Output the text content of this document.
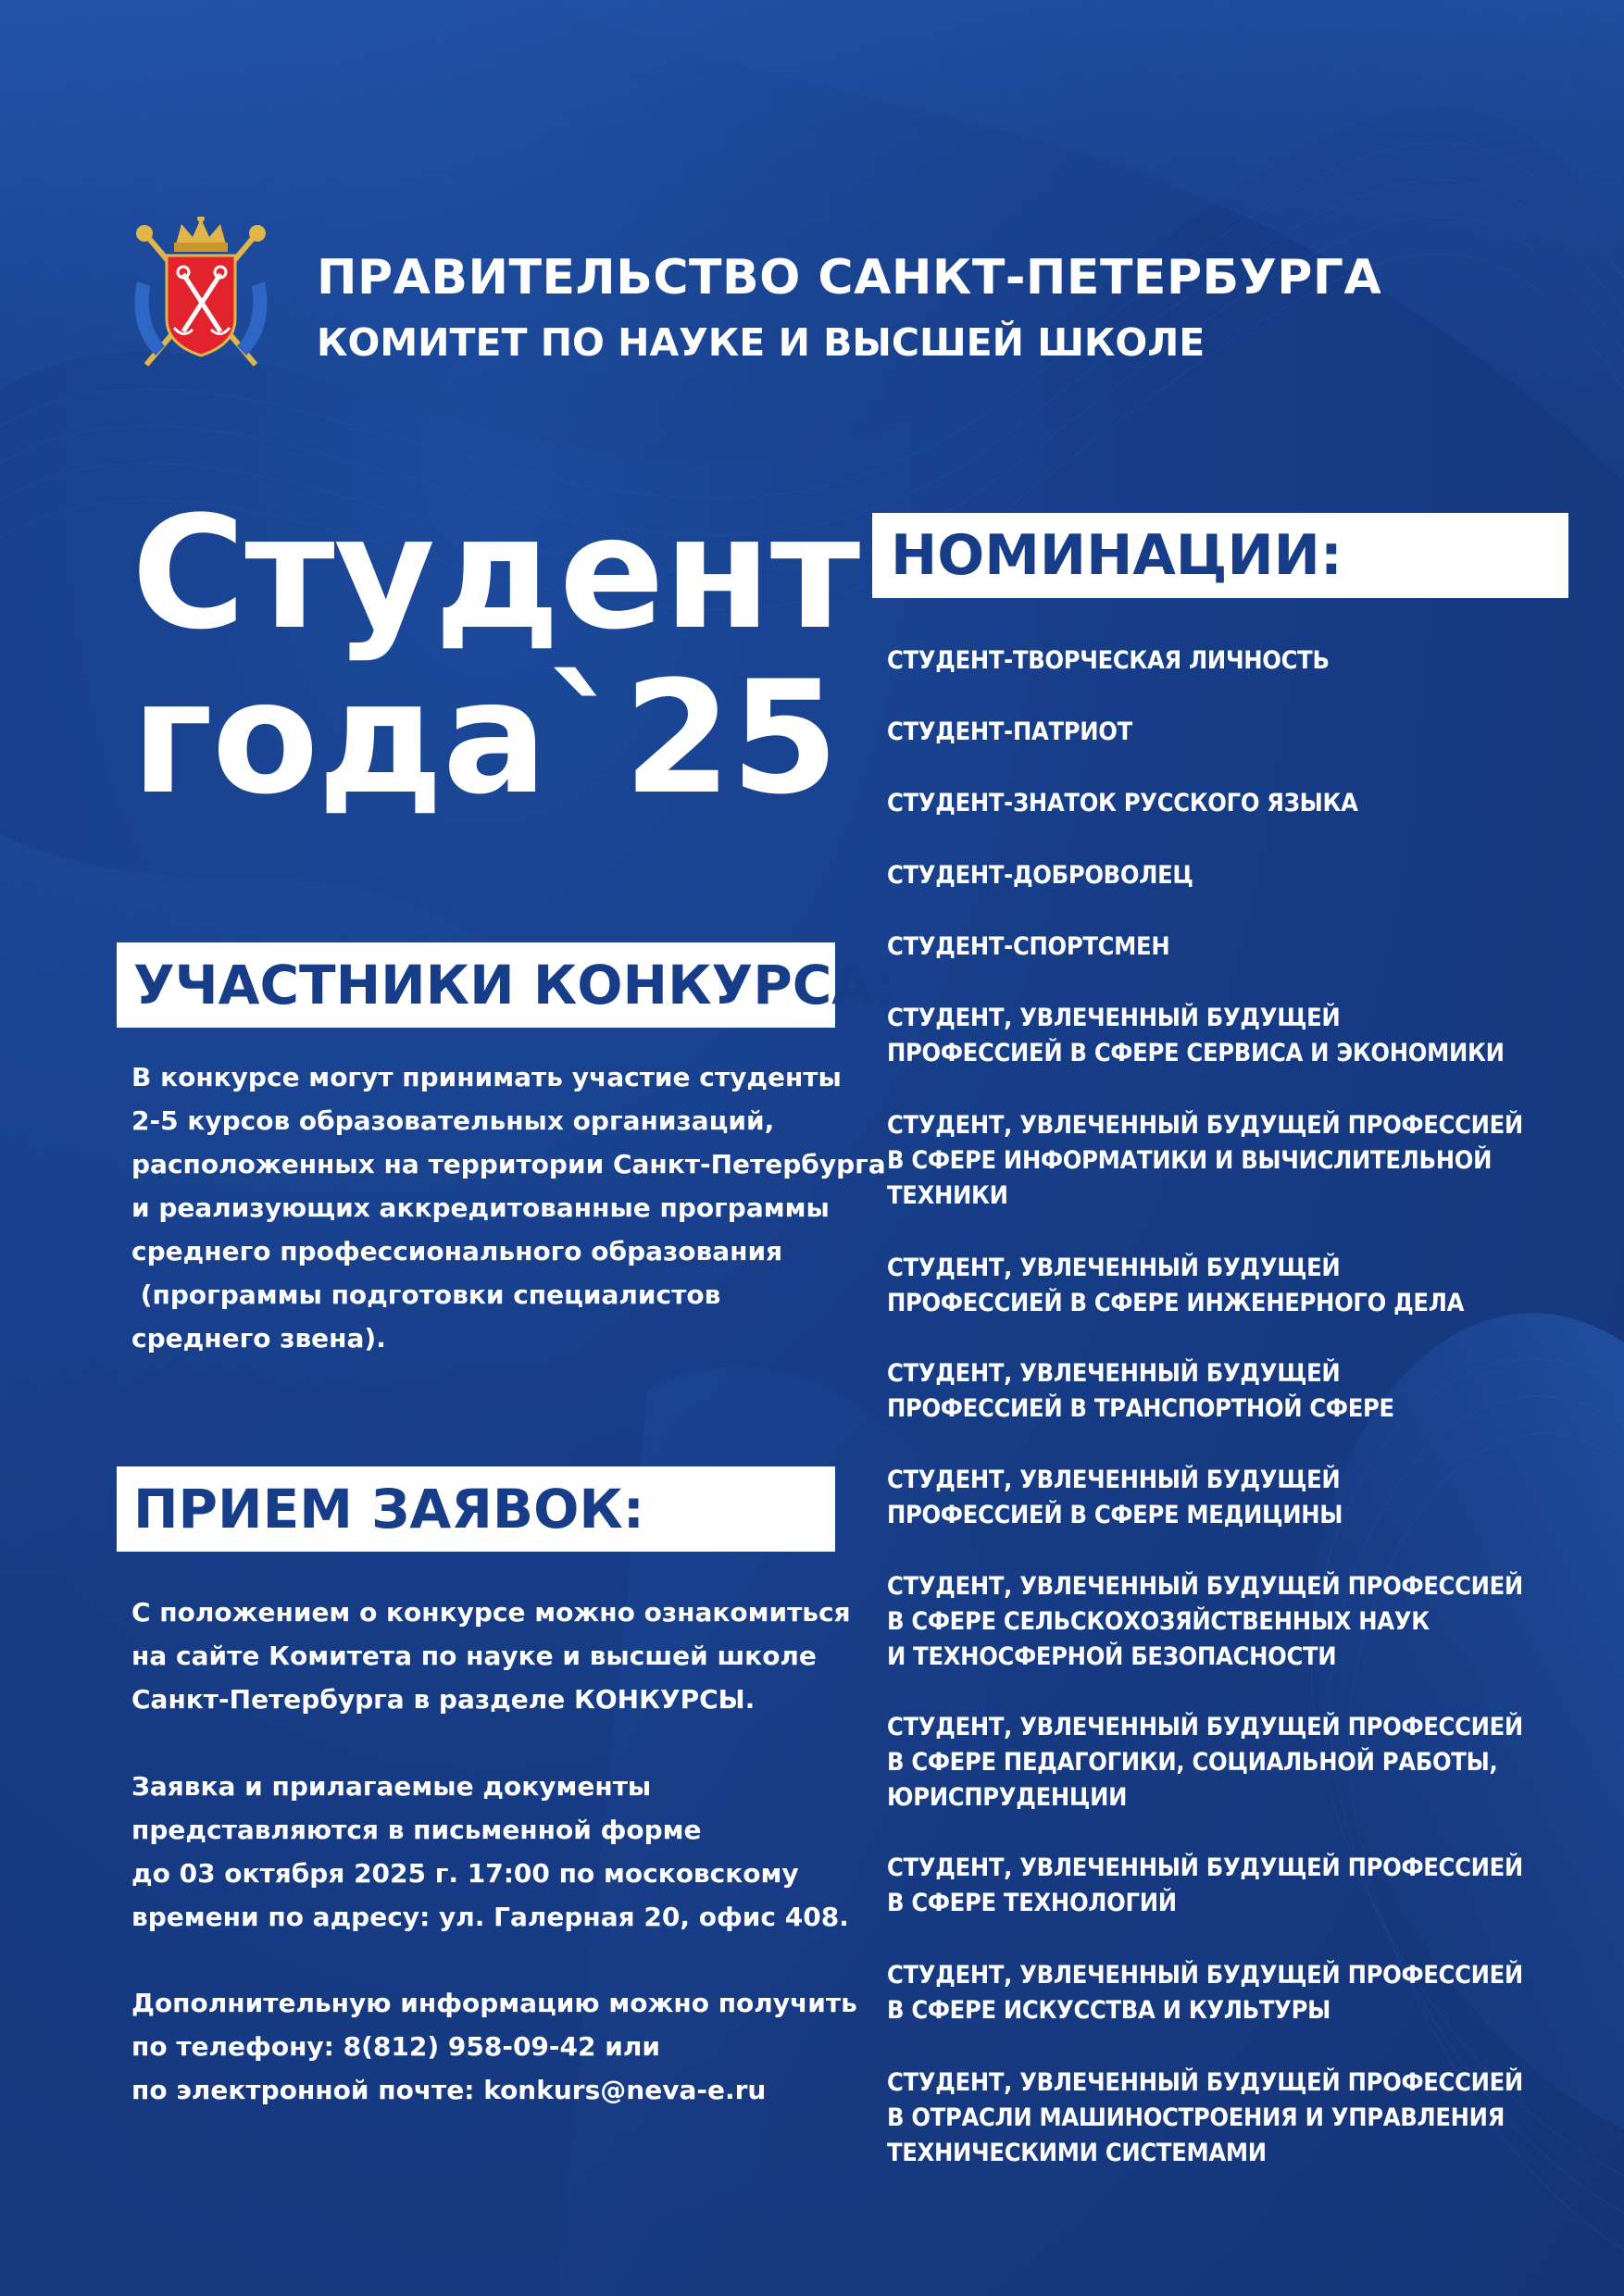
ПРАВИТЕЛЬСТВО САНКТ-ПЕТЕРБУРГА
КОМИТЕТ ПО НАУКЕ И ВЫСШЕЙ ШКОЛЕ
Студент
года`25
УЧАСТНИКИ КОНКУРСА:
В конкурсе могут принимать участие студенты
2-5 курсов образовательных организаций,
расположенных на территории Санкт-Петербурга
и реализующих аккредитованные программы
среднего профессионального образования
(программы подготовки специалистов
среднего звена).
ПРИЕМ ЗАЯВОК:
С положением о конкурсе можно ознакомиться
на сайте Комитета по науке и высшей школе
Санкт-Петербурга в разделе КОНКУРСЫ.
Заявка и прилагаемые документы
представляются в письменной форме
до 03 октября 2025 г. 17:00 по московскому
времени по адресу: ул. Галерная 20, офис 408.
Дополнительную информацию можно получить
по телефону: 8(812) 958-09-42 или
по электронной почте: konkurs@neva-e.ru
НОМИНАЦИИ:
СТУДЕНТ-ТВОРЧЕСКАЯ ЛИЧНОСТЬ
СТУДЕНТ-ПАТРИОТ
СТУДЕНТ-ЗНАТОК РУССКОГО ЯЗЫКА
СТУДЕНТ-ДОБРОВОЛЕЦ
СТУДЕНТ-СПОРТСМЕН
СТУДЕНТ, УВЛЕЧЕННЫЙ БУДУЩЕЙ
ПРОФЕССИЕЙ В СФЕРЕ СЕРВИСА И ЭКОНОМИКИ
СТУДЕНТ, УВЛЕЧЕННЫЙ БУДУЩЕЙ ПРОФЕССИЕЙ
В СФЕРЕ ИНФОРМАТИКИ И ВЫЧИСЛИТЕЛЬНОЙ
ТЕХНИКИ
СТУДЕНТ, УВЛЕЧЕННЫЙ БУДУЩЕЙ
ПРОФЕССИЕЙ В СФЕРЕ ИНЖЕНЕРНОГО ДЕЛА
СТУДЕНТ, УВЛЕЧЕННЫЙ БУДУЩЕЙ
ПРОФЕССИЕЙ В ТРАНСПОРТНОЙ СФЕРЕ
СТУДЕНТ, УВЛЕЧЕННЫЙ БУДУЩЕЙ
ПРОФЕССИЕЙ В СФЕРЕ МЕДИЦИНЫ
СТУДЕНТ, УВЛЕЧЕННЫЙ БУДУЩЕЙ ПРОФЕССИЕЙ
В СФЕРЕ СЕЛЬСКОХОЗЯЙСТВЕННЫХ НАУК
И ТЕХНОСФЕРНОЙ БЕЗОПАСНОСТИ
СТУДЕНТ, УВЛЕЧЕННЫЙ БУДУЩЕЙ ПРОФЕССИЕЙ
В СФЕРЕ ПЕДАГОГИКИ, СОЦИАЛЬНОЙ РАБОТЫ,
ЮРИСПРУДЕНЦИИ
СТУДЕНТ, УВЛЕЧЕННЫЙ БУДУЩЕЙ ПРОФЕССИЕЙ
В СФЕРЕ ТЕХНОЛОГИЙ
СТУДЕНТ, УВЛЕЧЕННЫЙ БУДУЩЕЙ ПРОФЕССИЕЙ
В СФЕРЕ ИСКУССТВА И КУЛЬТУРЫ
СТУДЕНТ, УВЛЕЧЕННЫЙ БУДУЩЕЙ ПРОФЕССИЕЙ
В ОТРАСЛИ МАШИНОСТРОЕНИЯ И УПРАВЛЕНИЯ
ТЕХНИЧЕСКИМИ СИСТЕМАМИ
